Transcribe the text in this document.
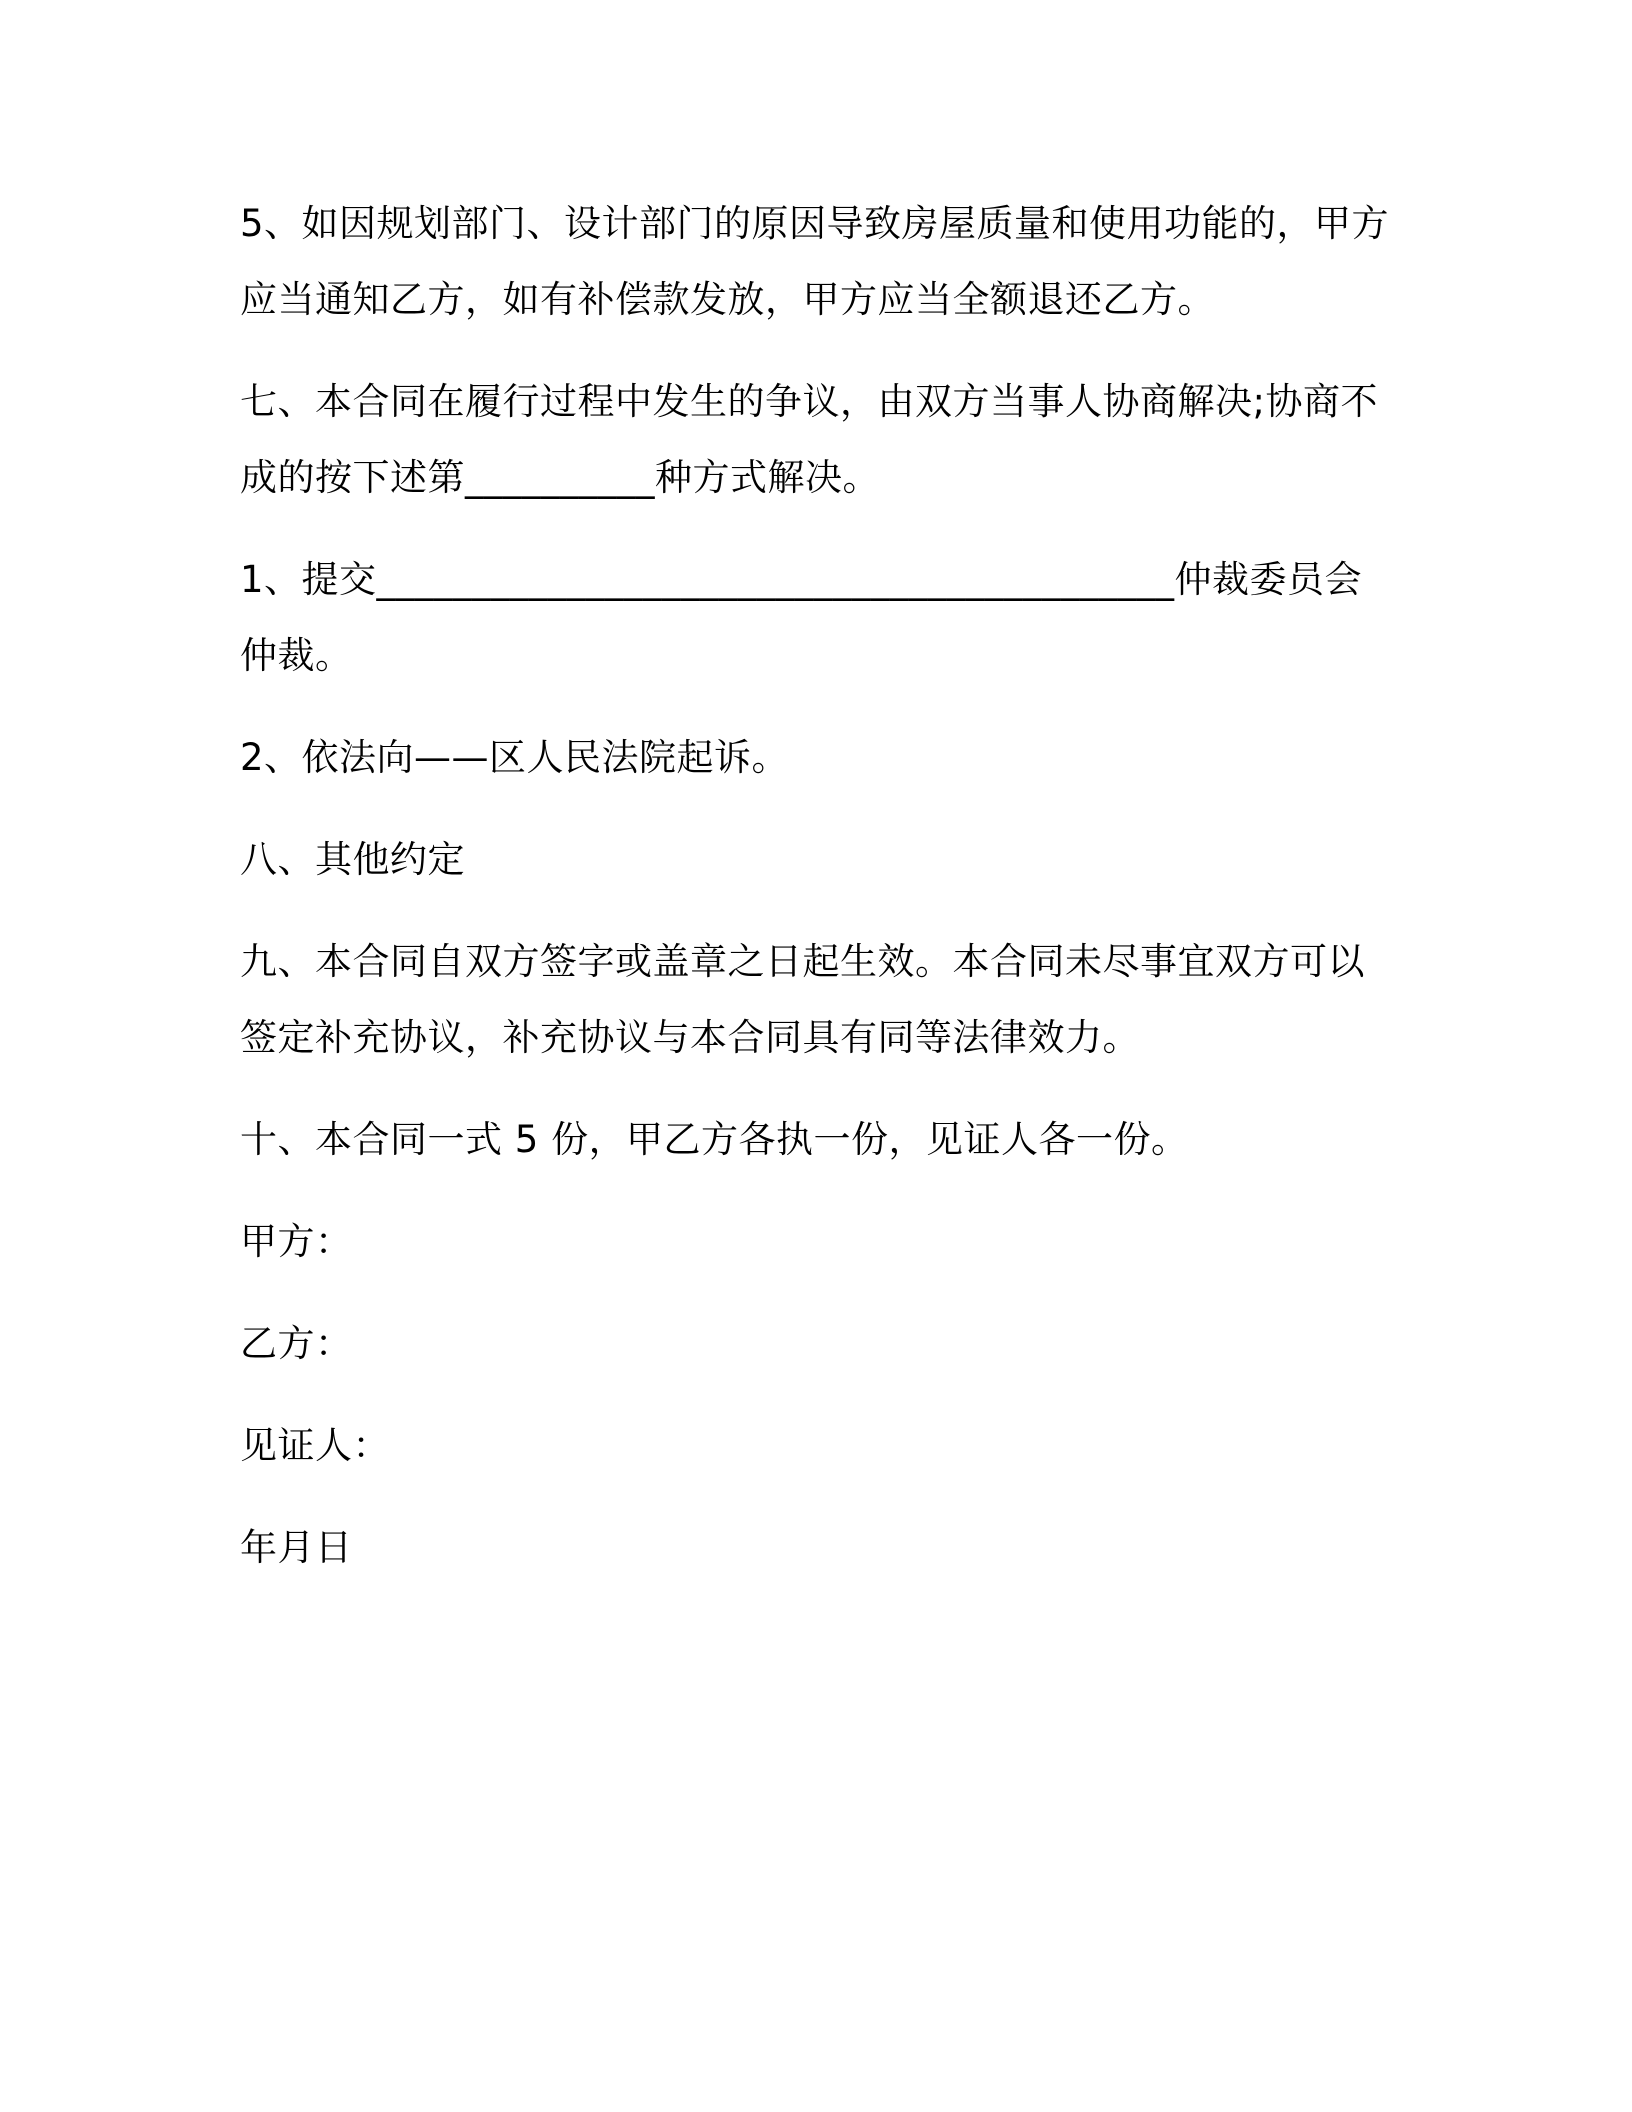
5、如因规划部门、设计部门的原因导致房屋质量和使用功能的，甲方
应当通知乙方，如有补偿款发放，甲方应当全额退还乙方。

七、本合同在履行过程中发生的争议，由双方当事人协商解决;协商不
成的按下述第__________种方式解决。

1、提交__________________________________________仲裁委员会
仲裁。

2、依法向——区人民法院起诉。

八、其他约定

九、本合同自双方签字或盖章之日起生效。本合同未尽事宜双方可以
签定补充协议，补充协议与本合同具有同等法律效力。

十、本合同一式 5 份，甲乙方各执一份，见证人各一份。

甲方：

乙方：

见证人：

年月日
